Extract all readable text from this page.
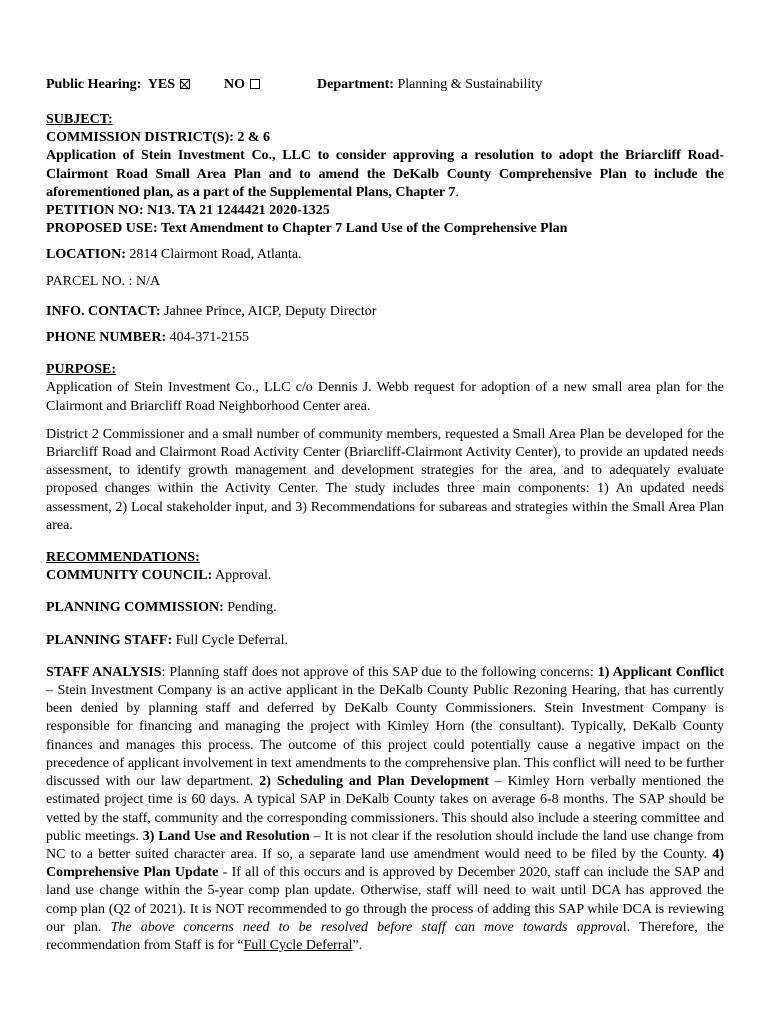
Public Hearing: YES	NO	Department: Planning & Sustainability

SUBJECT:

COMMISSION DISTRICT(S): 2 & 6

Application of Stein Investment Co., LLC to consider approving a resolution to adopt the Briarcliff Road-Clairmont Road Small Area Plan and to amend the DeKalb County Comprehensive Plan to include the aforementioned plan, as a part of the Supplemental Plans, Chapter 7.

PETITION NO: N13. TA 21 1244421 2020-1325

PROPOSED USE: Text Amendment to Chapter 7 Land Use of the Comprehensive Plan

LOCATION: 2814 Clairmont Road, Atlanta.

PARCEL NO. : N/A

INFO. CONTACT: Jahnee Prince, AICP, Deputy Director

PHONE NUMBER: 404-371-2155

PURPOSE:

Application of Stein Investment Co., LLC c/o Dennis J. Webb request for adoption of a new small area plan for the Clairmont and Briarcliff Road Neighborhood Center area.

District 2 Commissioner and a small number of community members, requested a Small Area Plan be developed for the Briarcliff Road and Clairmont Road Activity Center (Briarcliff-Clairmont Activity Center), to provide an updated needs assessment, to identify growth management and development strategies for the area, and to adequately evaluate proposed changes within the Activity Center. The study includes three main components: 1) An updated needs assessment, 2) Local stakeholder input, and 3) Recommendations for subareas and strategies within the Small Area Plan area.

RECOMMENDATIONS:

COMMUNITY COUNCIL: Approval.

PLANNING COMMISSION: Pending.

PLANNING STAFF: Full Cycle Deferral.

STAFF ANALYSIS: Planning staff does not approve of this SAP due to the following concerns: 1) Applicant Conflict – Stein Investment Company is an active applicant in the DeKalb County Public Rezoning Hearing, that has currently been denied by planning staff and deferred by DeKalb County Commissioners. Stein Investment Company is responsible for financing and managing the project with Kimley Horn (the consultant). Typically, DeKalb County finances and manages this process. The outcome of this project could potentially cause a negative impact on the precedence of applicant involvement in text amendments to the comprehensive plan. This conflict will need to be further discussed with our law department. 2) Scheduling and Plan Development – Kimley Horn verbally mentioned the estimated project time is 60 days. A typical SAP in DeKalb County takes on average 6-8 months. The SAP should be vetted by the staff, community and the corresponding commissioners. This should also include a steering committee and public meetings. 3) Land Use and Resolution – It is not clear if the resolution should include the land use change from NC to a better suited character area. If so, a separate land use amendment would need to be filed by the County. 4) Comprehensive Plan Update - If all of this occurs and is approved by December 2020, staff can include the SAP and land use change within the 5-year comp plan update. Otherwise, staff will need to wait until DCA has approved the comp plan (Q2 of 2021). It is NOT recommended to go through the process of adding this SAP while DCA is reviewing our plan. The above concerns need to be resolved before staff can move towards approval. Therefore, the recommendation from Staff is for “Full Cycle Deferral”.
